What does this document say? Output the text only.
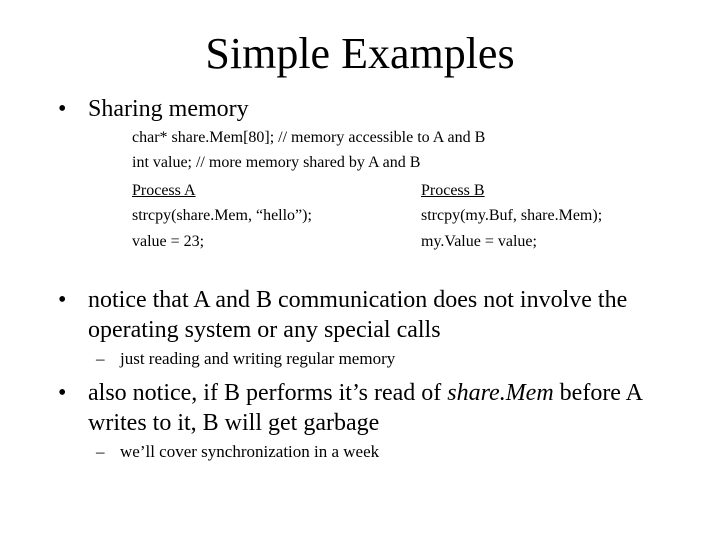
Simple Examples
• Sharing memory
char* share.Mem[80]; // memory accessible to A and B
int value; // more memory shared by A and B
Process A	Process B
strcpy(share.Mem, “hello”);	strcpy(my.Buf, share.Mem);
value = 23;	my.Value = value;
• notice that A and B communication does not involve the
operating system or any special calls
– just reading and writing regular memory
• also notice, if B performs it’s read of share.Mem before A
writes to it, B will get garbage
– we’ll cover synchronization in a week
